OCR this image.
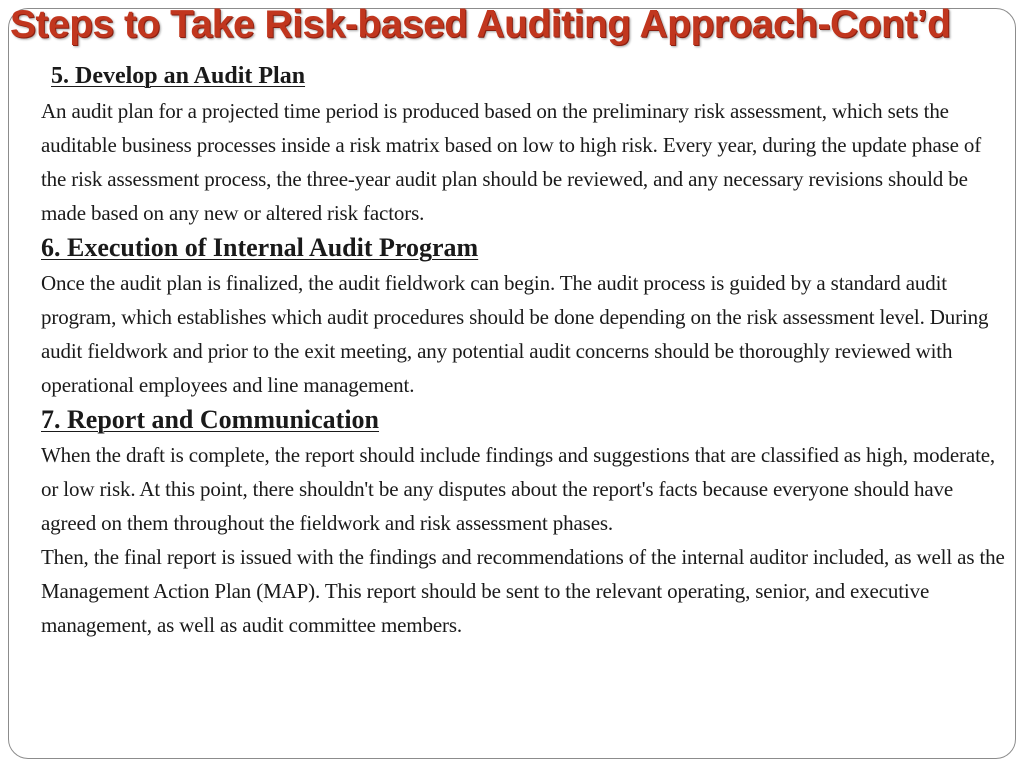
Steps to Take Risk-based Auditing Approach-Cont’d
5. Develop an Audit Plan

An audit plan for a projected time period is produced based on the preliminary risk assessment, which sets the auditable business processes inside a risk matrix based on low to high risk. Every year, during the update phase of the risk assessment process, the three-year audit plan should be reviewed, and any necessary revisions should be made based on any new or altered risk factors.

6. Execution of Internal Audit Program

Once the audit plan is finalized, the audit fieldwork can begin. The audit process is guided by a standard audit program, which establishes which audit procedures should be done depending on the risk assessment level. During audit fieldwork and prior to the exit meeting, any potential audit concerns should be thoroughly reviewed with operational employees and line management.

7. Report and Communication

When the draft is complete, the report should include findings and suggestions that are classified as high, moderate, or low risk. At this point, there shouldn't be any disputes about the report's facts because everyone should have agreed on them throughout the fieldwork and risk assessment phases.

Then, the final report is issued with the findings and recommendations of the internal auditor included, as well as the Management Action Plan (MAP). This report should be sent to the relevant operating, senior, and executive management, as well as audit committee members.
